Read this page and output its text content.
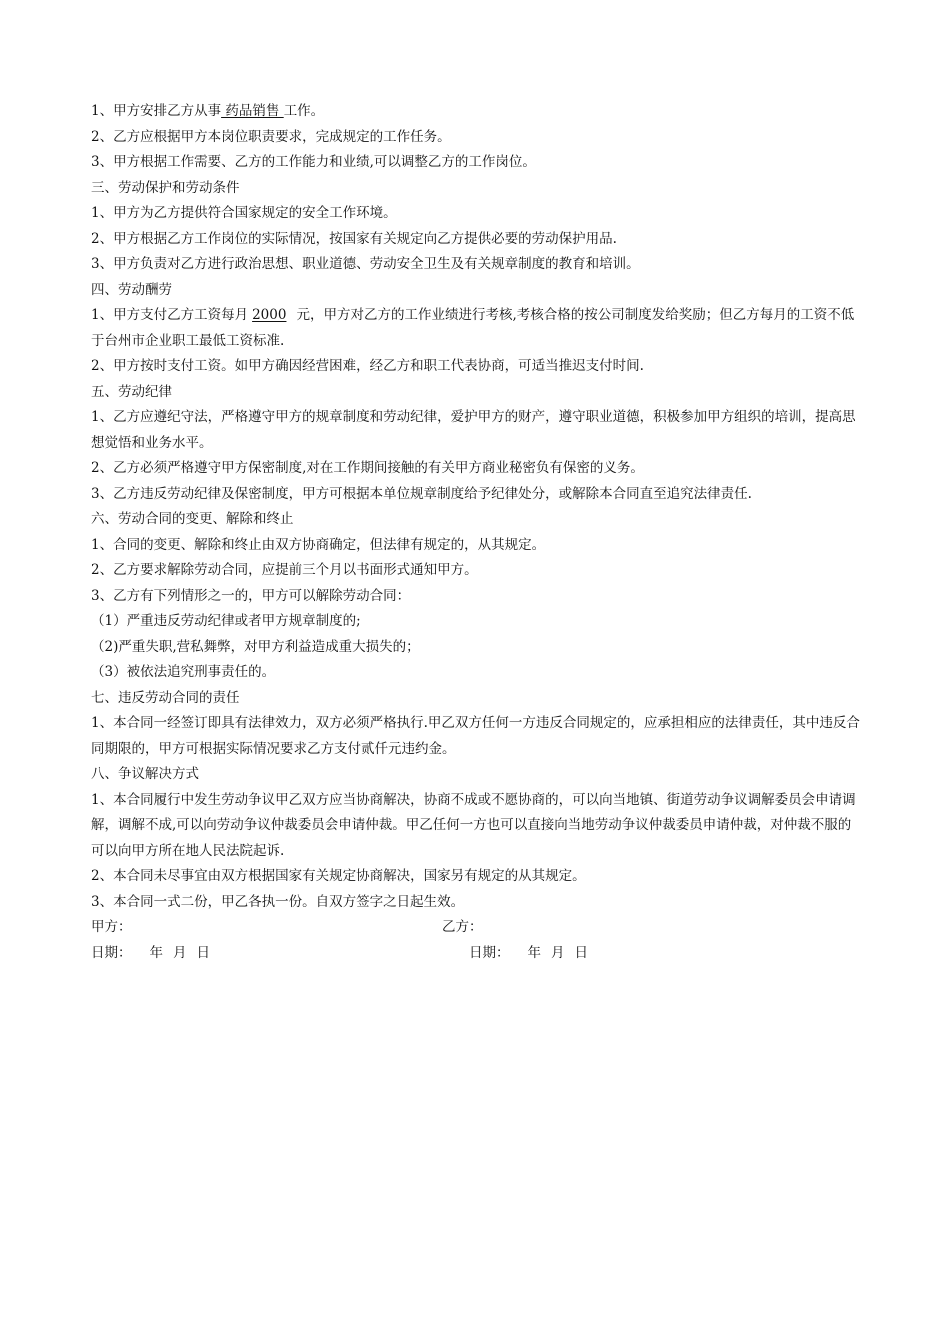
1、甲方安排乙方从事 药品销售 工作。

2、乙方应根据甲方本岗位职责要求，完成规定的工作任务。

3、甲方根据工作需要、乙方的工作能力和业绩,可以调整乙方的工作岗位。

三、劳动保护和劳动条件

1、甲方为乙方提供符合国家规定的安全工作环境。

2、甲方根据乙方工作岗位的实际情况，按国家有关规定向乙方提供必要的劳动保护用品.

3、甲方负责对乙方进行政治思想、职业道德、劳动安全卫生及有关规章制度的教育和培训。

四、劳动酬劳

1、甲方支付乙方工资每月 2000 元，甲方对乙方的工作业绩进行考核,考核合格的按公司制度发给奖励；但乙方每月的工资不低于台州市企业职工最低工资标准.

2、甲方按时支付工资。如甲方确因经营困难，经乙方和职工代表协商，可适当推迟支付时间.

五、劳动纪律

1、乙方应遵纪守法，严格遵守甲方的规章制度和劳动纪律，爱护甲方的财产，遵守职业道德，积极参加甲方组织的培训，提高思想觉悟和业务水平。

2、乙方必须严格遵守甲方保密制度,对在工作期间接触的有关甲方商业秘密负有保密的义务。

3、乙方违反劳动纪律及保密制度，甲方可根据本单位规章制度给予纪律处分，或解除本合同直至追究法律责任.

六、劳动合同的变更、解除和终止

1、合同的变更、解除和终止由双方协商确定，但法律有规定的，从其规定。

2、乙方要求解除劳动合同，应提前三个月以书面形式通知甲方。

3、乙方有下列情形之一的，甲方可以解除劳动合同：

（1）严重违反劳动纪律或者甲方规章制度的;

（2)严重失职,营私舞弊，对甲方利益造成重大损失的；

（3）被依法追究刑事责任的。

七、违反劳动合同的责任

1、本合同一经签订即具有法律效力，双方必须严格执行.甲乙双方任何一方违反合同规定的，应承担相应的法律责任，其中违反合同期限的，甲方可根据实际情况要求乙方支付贰仟元违约金。

八、争议解决方式

1、本合同履行中发生劳动争议甲乙双方应当协商解决，协商不成或不愿协商的，可以向当地镇、街道劳动争议调解委员会申请调解，调解不成,可以向劳动争议仲裁委员会申请仲裁。甲乙任何一方也可以直接向当地劳动争议仲裁委员申请仲裁，对仲裁不服的可以向甲方所在地人民法院起诉.

2、本合同未尽事宜由双方根据国家有关规定协商解决，国家另有规定的从其规定。

3、本合同一式二份，甲乙各执一份。自双方签字之日起生效。

甲方：	乙方：
日期： 年 月 日	日期： 年 月 日
